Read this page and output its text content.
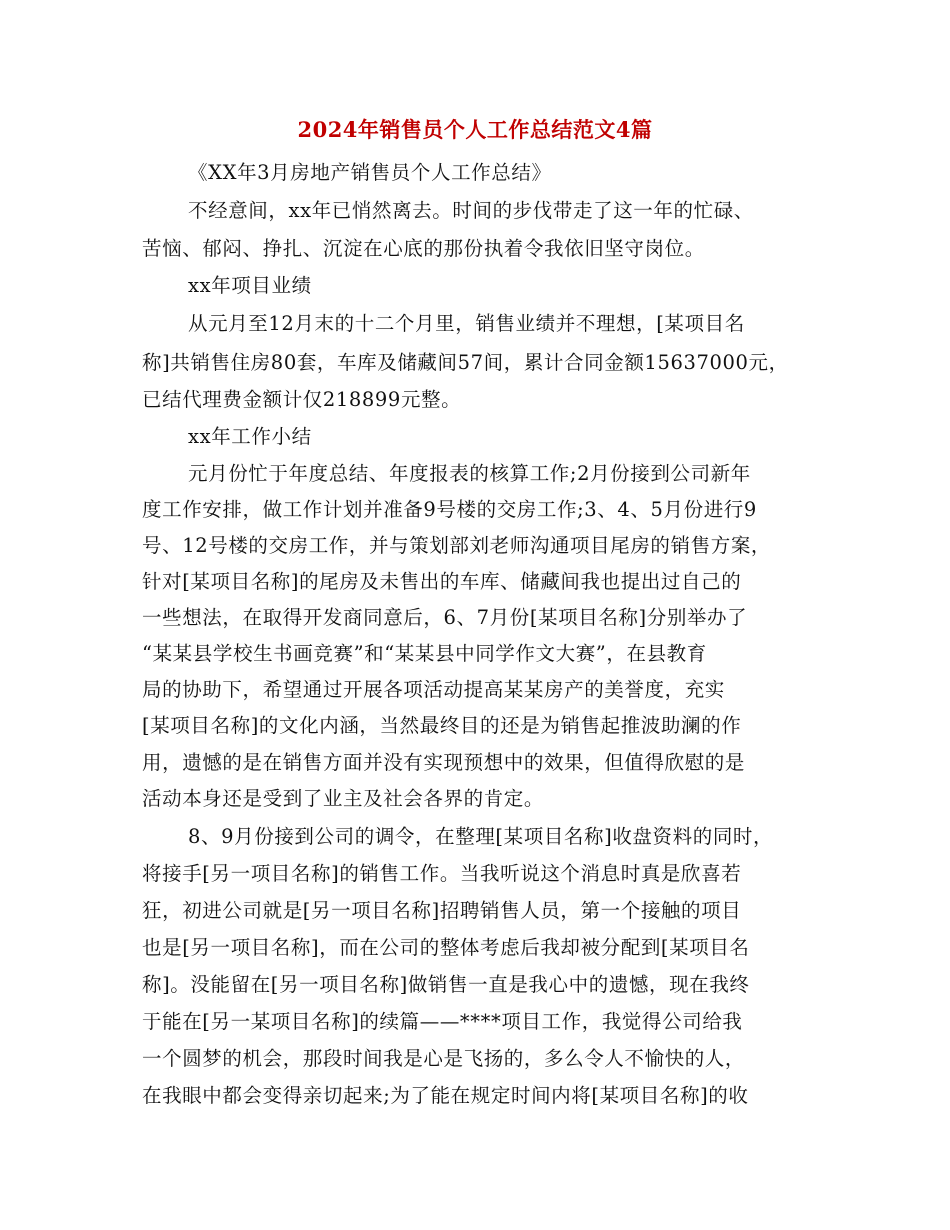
2024年销售员个人工作总结范文4篇
《XX年3月房地产销售员个人工作总结》
不经意间，xx年已悄然离去。时间的步伐带走了这一年的忙碌、
苦恼、郁闷、挣扎、沉淀在心底的那份执着令我依旧坚守岗位。
xx年项目业绩
从元月至12月末的十二个月里，销售业绩并不理想，[某项目名
称]共销售住房80套，车库及储藏间57间，累计合同金额15637000元，
已结代理费金额计仅218899元整。
xx年工作小结
元月份忙于年度总结、年度报表的核算工作;2月份接到公司新年
度工作安排，做工作计划并准备9号楼的交房工作;3、4、5月份进行9
号、12号楼的交房工作，并与策划部刘老师沟通项目尾房的销售方案，
针对[某项目名称]的尾房及未售出的车库、储藏间我也提出过自己的
一些想法，在取得开发商同意后，6、7月份[某项目名称]分别举办了
“某某县学校生书画竞赛”和“某某县中同学作文大赛”，在县教育
局的协助下，希望通过开展各项活动提高某某房产的美誉度，充实
[某项目名称]的文化内涵，当然最终目的还是为销售起推波助澜的作
用，遗憾的是在销售方面并没有实现预想中的效果，但值得欣慰的是
活动本身还是受到了业主及社会各界的肯定。
8、9月份接到公司的调令，在整理[某项目名称]收盘资料的同时，
将接手[另一项目名称]的销售工作。当我听说这个消息时真是欣喜若
狂，初进公司就是[另一项目名称]招聘销售人员，第一个接触的项目
也是[另一项目名称]，而在公司的整体考虑后我却被分配到[某项目名
称]。没能留在[另一项目名称]做销售一直是我心中的遗憾，现在我终
于能在[另一某项目名称]的续篇——****项目工作，我觉得公司给我
一个圆梦的机会，那段时间我是心是飞扬的，多么令人不愉快的人，
在我眼中都会变得亲切起来;为了能在规定时间内将[某项目名称]的收
